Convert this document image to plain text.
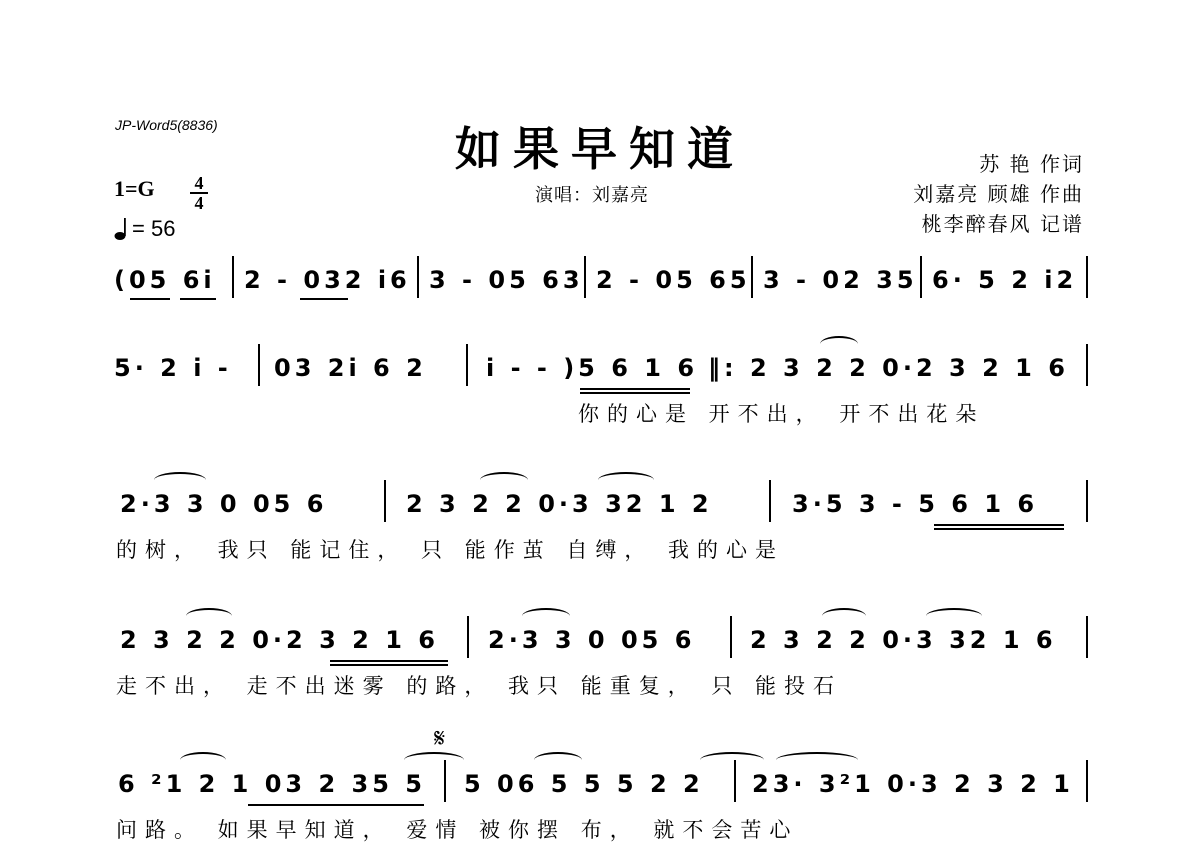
JP-Word5(8836)	如果早知道
演唱：刘嘉亮
苏 艳 作词
刘嘉亮 顾雄 作曲
桃李醉春风 记谱
1=G	4
4
= 56
(05 6i 2 - 032 i6 3 - 05 63 2 - 05 65 3 - 02 35 6· 5 2 i2
5· 2 i - 03 2i 6 2 i - - )5 6 1 6 ‖: 2 3 2 2 0·2 3 2 1 6
你的心是 开不出， 开不出花朵
2·3 3 0 05 6	2 3 2 2 0·3 32 1 2	3·5 3 - 5 6 1 6
的树， 我只 能记住， 只 能作茧 自缚， 我的心是
2 3 2 2 0·2 3 2 1 6 2·3 3 0 05 6 2 3 2 2 0·3 32 1 6
走不出， 走不出迷雾 的路， 我只 能重复， 只 能投石
6 ²1 2 1 03 2 35 5
𝄋
5 06 5 5 5 2 2 23· 3²1 0·3 2 3 2 1
问路。 如果早知道， 爱情 被你摆 布， 就不会苦心
